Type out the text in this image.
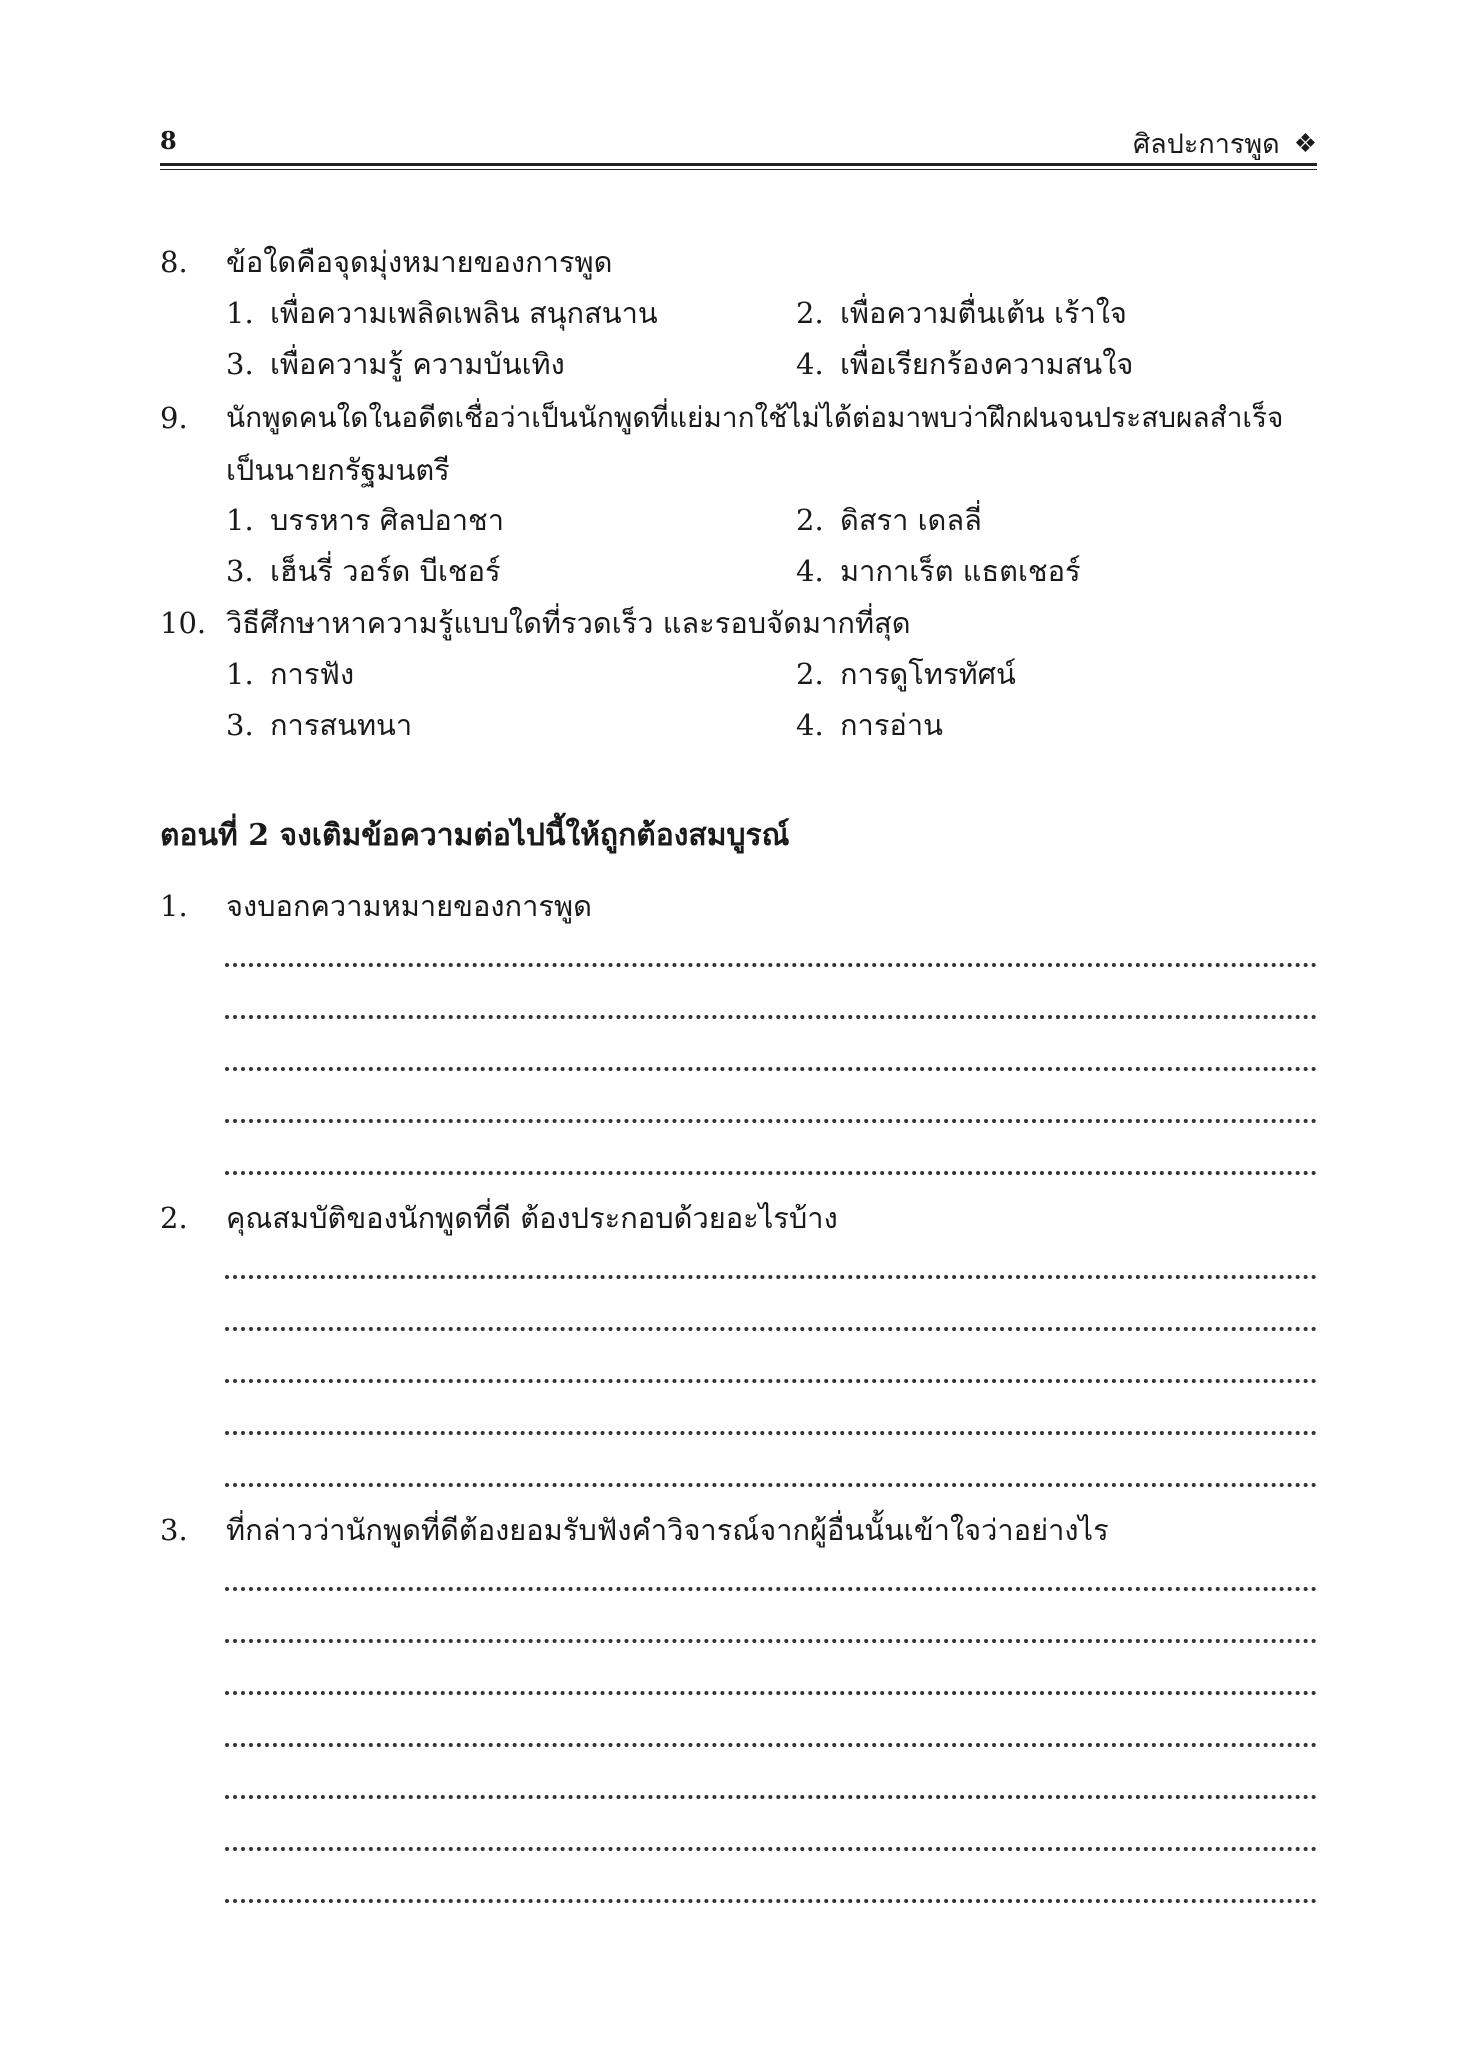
8	ศิลปะการพูด ❖
8.	ข้อใดคือจุดมุ่งหมายของการพูด
1. เพื่อความเพลิดเพลิน สนุกสนาน	2. เพื่อความตื่นเต้น เร้าใจ
3. เพื่อความรู้ ความบันเทิง	4. เพื่อเรียกร้องความสนใจ
9.	นักพูดคนใดในอดีตเชื่อว่าเป็นนักพูดที่แย่มากใช้ไม่ได้ต่อมาพบว่าฝึกฝนจนประสบผลสำเร็จ
เป็นนายกรัฐมนตรี
1. บรรหาร ศิลปอาชา	2. ดิสรา เดลลี่
3. เฮ็นรี่ วอร์ด บีเชอร์	4. มากาเร็ต แธตเชอร์
10. วิธีศึกษาหาความรู้แบบใดที่รวดเร็ว และรอบจัดมากที่สุด
1. การฟัง	2. การดูโทรทัศน์
3. การสนทนา	4. การอ่าน
ตอนที่ 2 จงเติมข้อความต่อไปนี้ให้ถูกต้องสมบูรณ์
1.	จงบอกความหมายของการพูด
2.	คุณสมบัติของนักพูดที่ดี ต้องประกอบด้วยอะไรบ้าง
3.	ที่กล่าวว่านักพูดที่ดีต้องยอมรับฟังคำวิจารณ์จากผู้อื่นนั้นเข้าใจว่าอย่างไร
